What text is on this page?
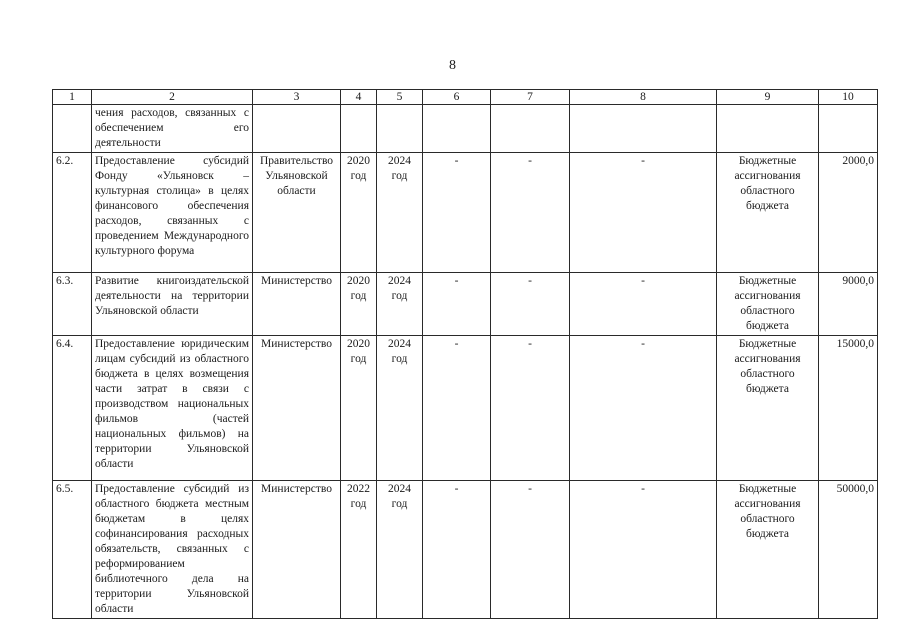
8
1	2	3	4	5	6	7	8	9	10
	чения расходов, связанных с обеспечением его деятельности								
6.2.	Предоставление субсидий Фонду «Ульяновск – культурная столица» в целях финансового обеспечения расходов, связанных с проведением Международного культурного форума	Правительство Ульяновской области	2020 год	2024 год	-	-	-	Бюджетные ассигнования областного бюджета	2000,0
6.3.	Развитие книгоиздательской деятельности на территории Ульяновской области	Министерство	2020 год	2024 год	-	-	-	Бюджетные ассигнования областного бюджета	9000,0
6.4.	Предоставление юридическим лицам субсидий из областного бюджета в целях возмещения части затрат в связи с производством национальных фильмов (частей национальных фильмов) на территории Ульяновской области	Министерство	2020 год	2024 год	-	-	-	Бюджетные ассигнования областного бюджета	15000,0
6.5.	Предоставление субсидий из областного бюджета местным бюджетам в целях софинансирования расходных обязательств, связанных с реформированием библиотечного дела на территории Ульяновской области	Министерство	2022 год	2024 год	-	-	-	Бюджетные ассигнования областного бюджета	50000,0
